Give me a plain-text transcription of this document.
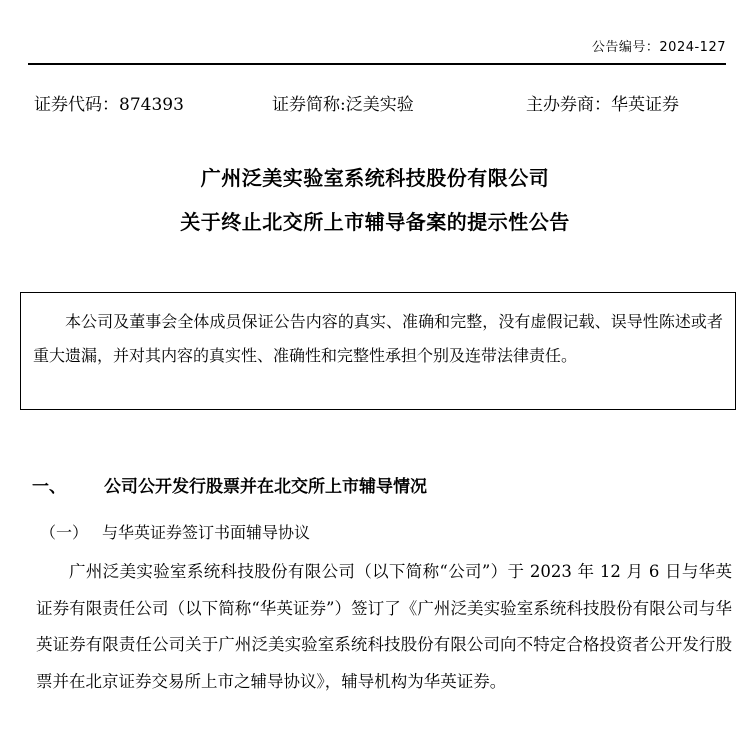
公告编号：2024-127
证券代码：874393	证券简称:泛美实验	主办券商：华英证券
广州泛美实验室系统科技股份有限公司
关于终止北交所上市辅导备案的提示性公告
本公司及董事会全体成员保证公告内容的真实、准确和完整，没有虚假记载、误导性陈述或者重大遗漏，并对其内容的真实性、准确性和完整性承担个别及连带法律责任。
一、 公司公开发行股票并在北交所上市辅导情况
（一） 与华英证券签订书面辅导协议
广州泛美实验室系统科技股份有限公司（以下简称“公司”）于 2023 年 12 月 6 日与华英证券有限责任公司（以下简称“华英证券”）签订了《广州泛美实验室系统科技股份有限公司与华英证券有限责任公司关于广州泛美实验室系统科技股份有限公司向不特定合格投资者公开发行股票并在北京证券交易所上市之辅导协议》，辅导机构为华英证券。
